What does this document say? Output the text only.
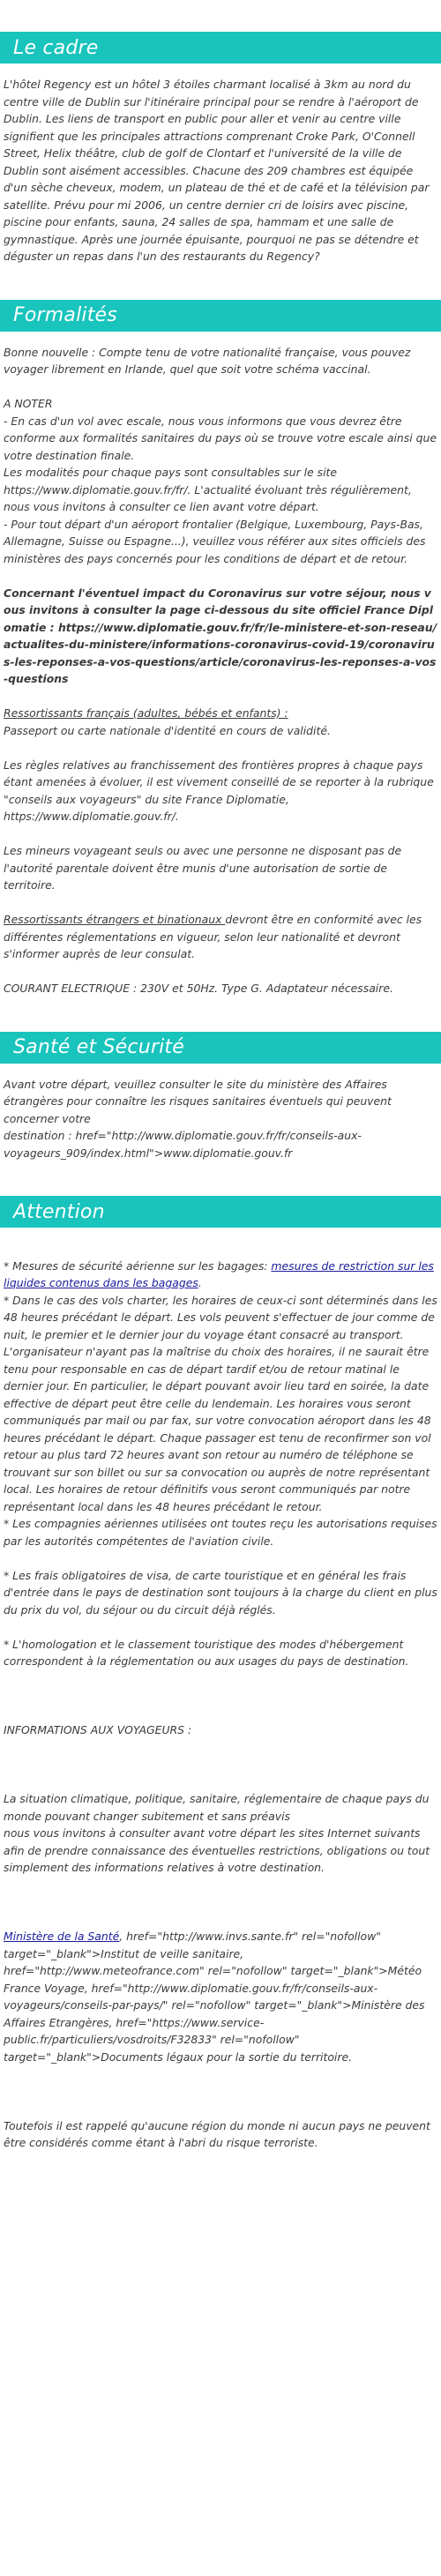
Le cadre

L'hôtel Regency est un hôtel 3 étoiles charmant localisé à 3km au nord du centre ville de Dublin sur l'itinéraire principal pour se rendre à l'aéroport de Dublin. Les liens de transport en public pour aller et venir au centre ville signifient que les principales attractions comprenant Croke Park, O'Connell Street, Helix théâtre, club de golf de Clontarf et l'université de la ville de Dublin sont aisément accessibles. Chacune des 209 chambres est équipée d'un sèche cheveux, modem, un plateau de thé et de café et la télévision par satellite. Prévu pour mi 2006, un centre dernier cri de loisirs avec piscine, piscine pour enfants, sauna, 24 salles de spa, hammam et une salle de gymnastique. Après une journée épuisante, pourquoi ne pas se détendre et déguster un repas dans l'un des restaurants du Regency?

Formalités

Bonne nouvelle : Compte tenu de votre nationalité française, vous pouvez voyager librement en Irlande, quel que soit votre schéma vaccinal.

A NOTER
- En cas d'un vol avec escale, nous vous informons que vous devrez être conforme aux formalités sanitaires du pays où se trouve votre escale ainsi que votre destination finale.
Les modalités pour chaque pays sont consultables sur le site https://www.diplomatie.gouv.fr/fr/. L'actualité évoluant très régulièrement, nous vous invitons à consulter ce lien avant votre départ.
- Pour tout départ d'un aéroport frontalier (Belgique, Luxembourg, Pays-Bas, Allemagne, Suisse ou Espagne...), veuillez vous référer aux sites officiels des ministères des pays concernés pour les conditions de départ et de retour.

Concernant l'éventuel impact du Coronavirus sur votre séjour, nous vous invitons à consulter la page ci-dessous du site officiel France Diplomatie : https://www.diplomatie.gouv.fr/fr/le-ministere-et-son-reseau/actualites-du-ministere/informations-coronavirus-covid-19/coronavirus-les-reponses-a-vos-questions/article/coronavirus-les-reponses-a-vos-questions

Ressortissants français (adultes, bébés et enfants) :
Passeport ou carte nationale d'identité en cours de validité.

Les règles relatives au franchissement des frontières propres à chaque pays étant amenées à évoluer, il est vivement conseillé de se reporter à la rubrique "conseils aux voyageurs" du site France Diplomatie, https://www.diplomatie.gouv.fr/.

Les mineurs voyageant seuls ou avec une personne ne disposant pas de l'autorité parentale doivent être munis d'une autorisation de sortie de territoire.

Ressortissants étrangers et binationaux devront être en conformité avec les différentes réglementations en vigueur, selon leur nationalité et devront s'informer auprès de leur consulat.

COURANT ELECTRIQUE : 230V et 50Hz. Type G. Adaptateur nécessaire.

Santé et Sécurité

Avant votre départ, veuillez consulter le site du ministère des Affaires étrangères pour connaître les risques sanitaires éventuels qui peuvent concerner votre
destination : href="http://www.diplomatie.gouv.fr/fr/conseils-aux-voyageurs_909/index.html">www.diplomatie.gouv.fr

Attention

* Mesures de sécurité aérienne sur les bagages: mesures de restriction sur les liquides contenus dans les bagages.
* Dans le cas des vols charter, les horaires de ceux-ci sont déterminés dans les 48 heures précédant le départ. Les vols peuvent s'effectuer de jour comme de nuit, le premier et le dernier jour du voyage étant consacré au transport. L'organisateur n'ayant pas la maîtrise du choix des horaires, il ne saurait être tenu pour responsable en cas de départ tardif et/ou de retour matinal le dernier jour. En particulier, le départ pouvant avoir lieu tard en soirée, la date effective de départ peut être celle du lendemain. Les horaires vous seront communiqués par mail ou par fax, sur votre convocation aéroport dans les 48 heures précédant le départ. Chaque passager est tenu de reconfirmer son vol retour au plus tard 72 heures avant son retour au numéro de téléphone se trouvant sur son billet ou sur sa convocation ou auprès de notre représentant local. Les horaires de retour définitifs vous seront communiqués par notre représentant local dans les 48 heures précédant le retour.
* Les compagnies aériennes utilisées ont toutes reçu les autorisations requises par les autorités compétentes de l'aviation civile.

* Les frais obligatoires de visa, de carte touristique et en général les frais d'entrée dans le pays de destination sont toujours à la charge du client en plus du prix du vol, du séjour ou du circuit déjà réglés.

* L'homologation et le classement touristique des modes d'hébergement correspondent à la réglementation ou aux usages du pays de destination.

INFORMATIONS AUX VOYAGEURS :

La situation climatique, politique, sanitaire, réglementaire de chaque pays du monde pouvant changer subitement et sans préavis
nous vous invitons à consulter avant votre départ les sites Internet suivants afin de prendre connaissance des éventuelles restrictions, obligations ou tout simplement des informations relatives à votre destination.

Ministère de la Santé, href="http://www.invs.sante.fr" rel="nofollow" target="_blank">Institut de veille sanitaire, href="http://www.meteofrance.com" rel="nofollow" target="_blank">Météo France Voyage, href="http://www.diplomatie.gouv.fr/fr/conseils-aux-voyageurs/conseils-par-pays/" rel="nofollow" target="_blank">Ministère des Affaires Etrangères, href="https://www.service-public.fr/particuliers/vosdroits/F32833" rel="nofollow" target="_blank">Documents légaux pour la sortie du territoire.

Toutefois il est rappelé qu'aucune région du monde ni aucun pays ne peuvent être considérés comme étant à l'abri du risque terroriste.
